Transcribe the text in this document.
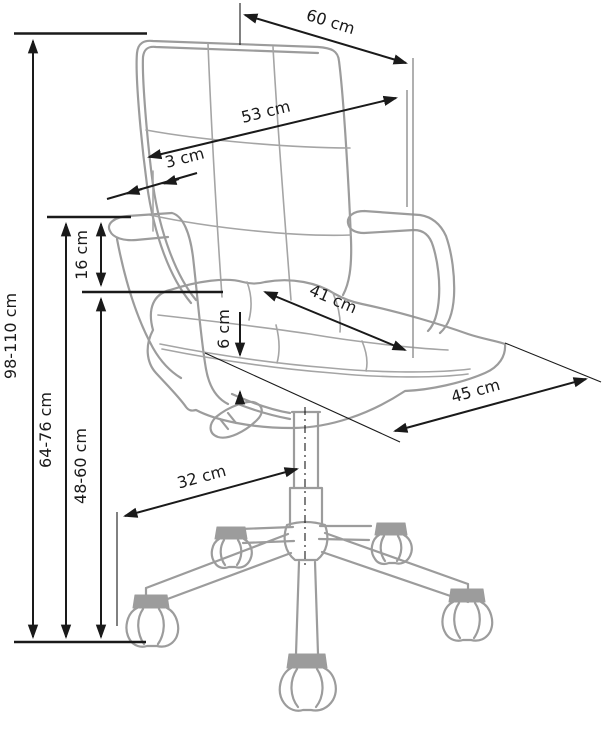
98-110 cm
64-76 cm
16 cm
48-60 cm
60 cm
53 cm
3 cm
41 cm
6 cm
45 cm
32 cm
